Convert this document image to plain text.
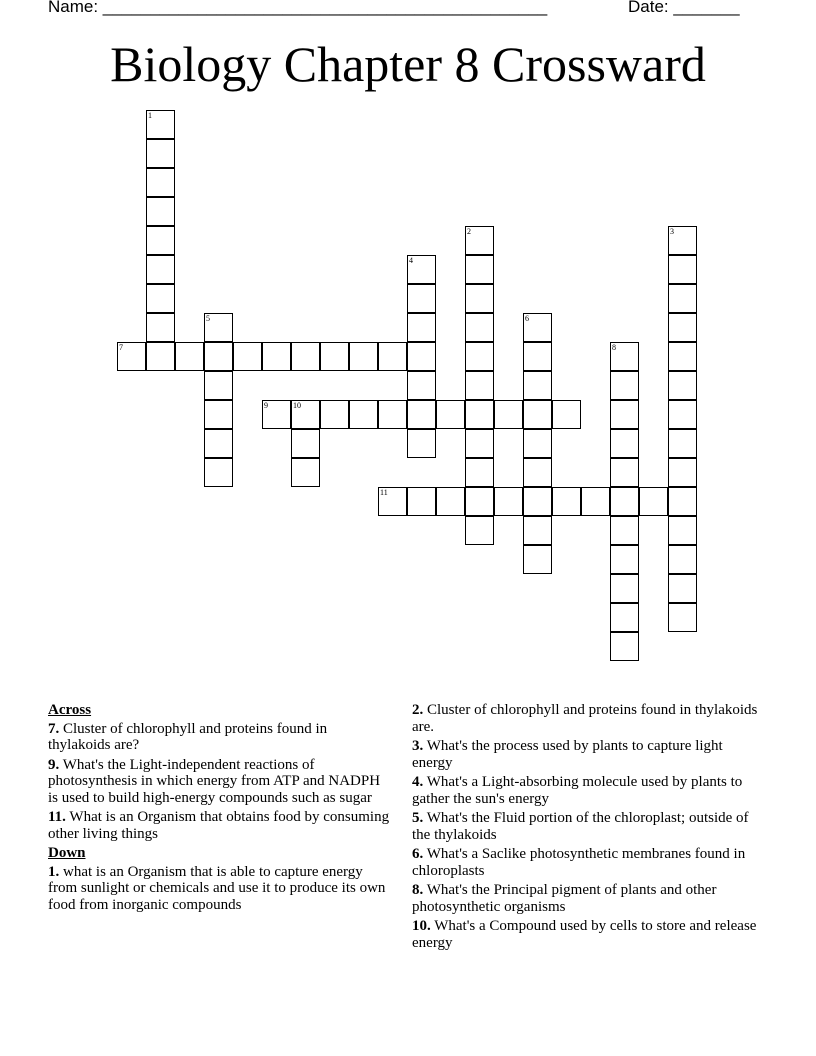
Name: _______________________________________________	Date: _______
Biology Chapter 8 Crossward
1
2	3
4
5	6
7	8
9	10
11
Across
7. Cluster of chlorophyll and proteins found in thylakoids are?
9. What's the Light-independent reactions of photosynthesis in which energy from ATP and NADPH is used to build high-energy compounds such as sugar
11. What is an Organism that obtains food by consuming other living things
Down
1. what is an Organism that is able to capture energy from sunlight or chemicals and use it to produce its own food from inorganic compounds
2. Cluster of chlorophyll and proteins found in thylakoids are.
3. What's the process used by plants to capture light energy
4. What's a Light-absorbing molecule used by plants to gather the sun's energy
5. What's the Fluid portion of the chloroplast; outside of the thylakoids
6. What's a Saclike photosynthetic membranes found in chloroplasts
8. What's the Principal pigment of plants and other photosynthetic organisms
10. What's a Compound used by cells to store and release energy
